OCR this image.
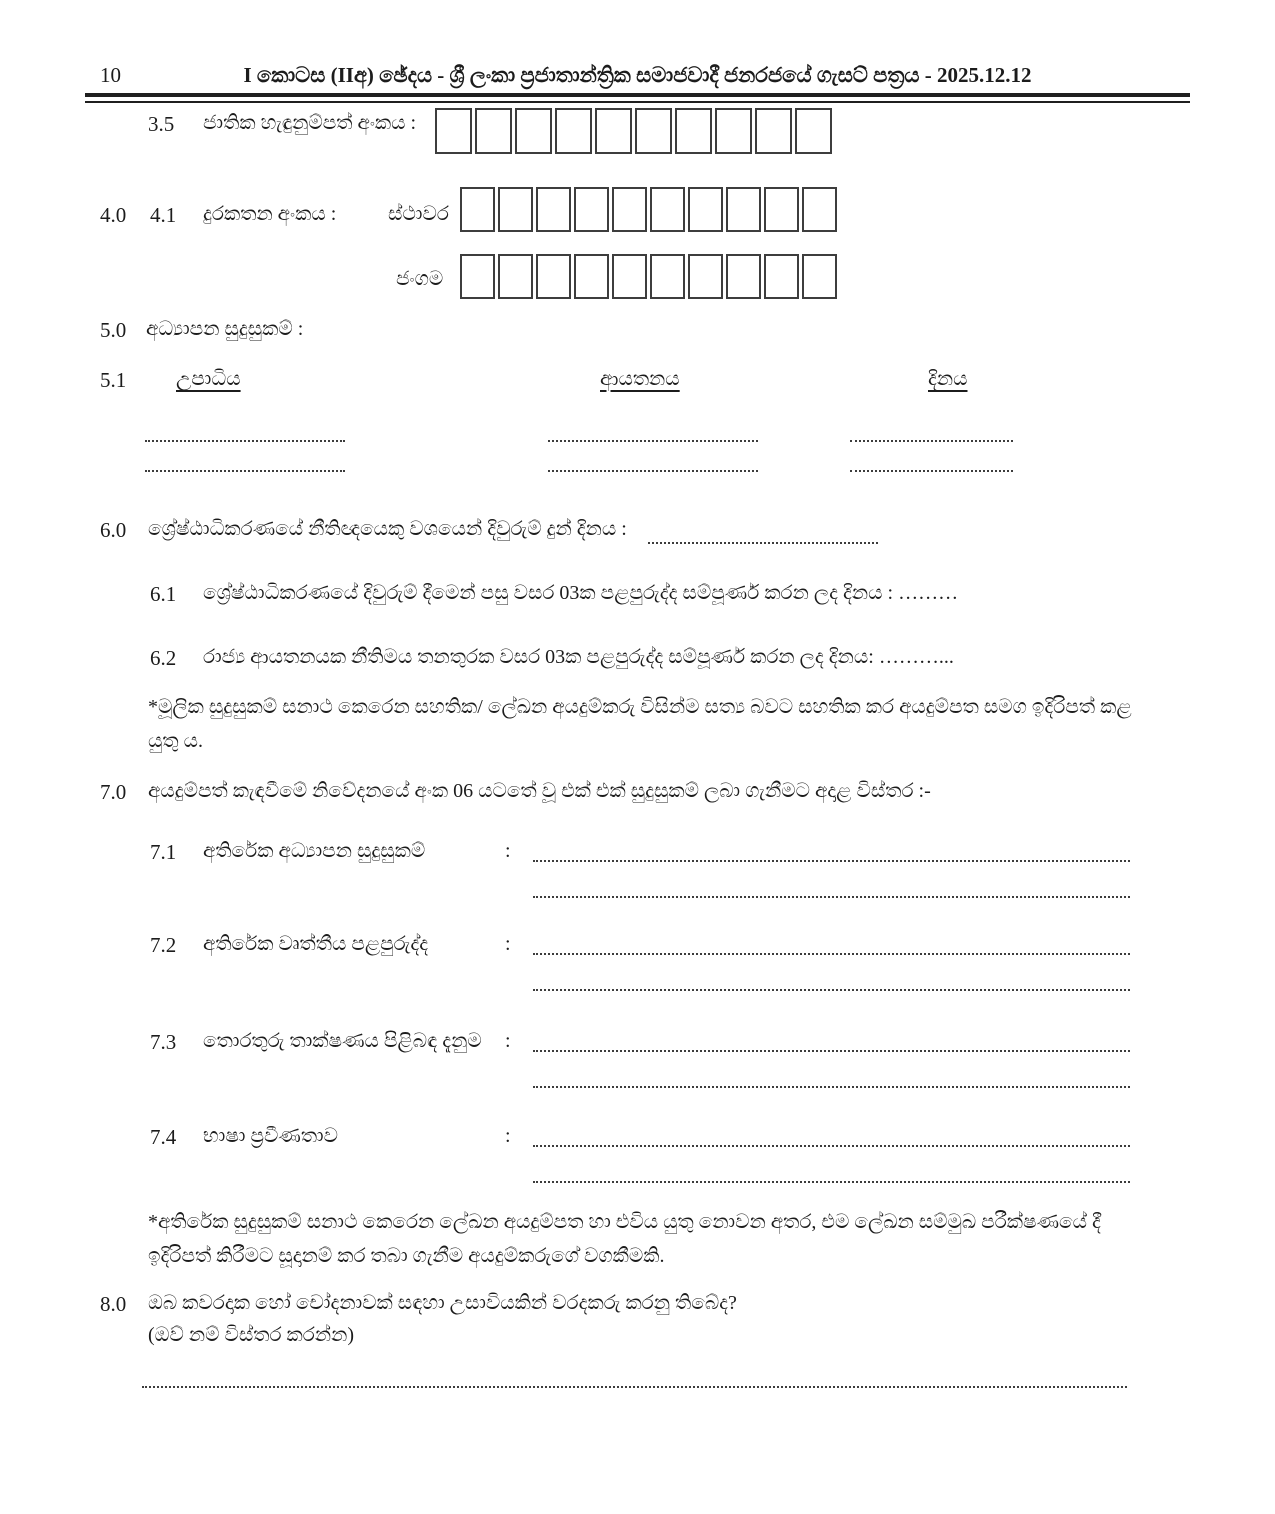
10	I කොටස (IIඅ) ඡේදය - ශ්‍රී ලංකා ප්‍රජාතාන්ත්‍රික සමාජවාදී ජනරජයේ ගැසට් පත්‍රය - 2025.12.12
3.5 ජාතික හැඳුනුම්පත් අංකය :
4.0 4.1 දුරකතන අංකය :	ස්ථාවර
ජංගම
5.0 අධ්‍යාපන සුදුසුකම් :
5.1 උපාධිය	ආයතනය	දිනය
6.0 ශ්‍රේෂ්ඨාධිකරණයේ නීතිඥයෙකු වශයෙන් දිවුරුම් දුන් දිනය :
6.1 ශ්‍රේෂ්ඨාධිකරණයේ දිවුරුම් දීමෙන් පසු වසර 03ක පළපුරුද්ද සම්පූර්ණ කරන ලද දිනය : ………
6.2 රාජ්‍ය ආයතනයක නීතිමය තනතුරක වසර 03ක පළපුරුද්ද සම්පූර්ණ කරන ලද දිනය: ………...
*මූලික සුදුසුකම් සනාථ කෙරෙන සහතික/ ලේඛන අයදුම්කරු විසින්ම සත්‍ය බවට සහතික කර අයදුම්පත සමග ඉදිරිපත් කළ යුතු ය.
7.0 අයදුම්පත් කැඳවීමේ නිවේදනයේ අංක 06 යටතේ වූ එක් එක් සුදුසුකම් ලබා ගැනීමට අදාළ විස්තර :-
7.1 අතිරේක අධ්‍යාපන සුදුසුකම්	:
7.2 අතිරේක වෘත්තීය පළපුරුද්ද	:
7.3 තොරතුරු තාක්ෂණය පිළිබඳ දැනුම :
7.4 භාෂා ප්‍රවීණතාව	:
*අතිරේක සුදුසුකම් සනාථ කෙරෙන ලේඛන අයදුම්පත හා එවිය යුතු නොවන අතර, එම ලේඛන සම්මුඛ පරීක්ෂණයේ දී ඉදිරිපත් කිරීමට සූදානම් කර තබා ගැනීම අයදුම්කරුගේ වගකීමකි.
8.0 ඔබ කවරදාක හෝ චෝදනාවක් සඳහා උසාවියකින් වරදකරු කරනු තිබේද?
(ඔව් නම් විස්තර කරන්න)
